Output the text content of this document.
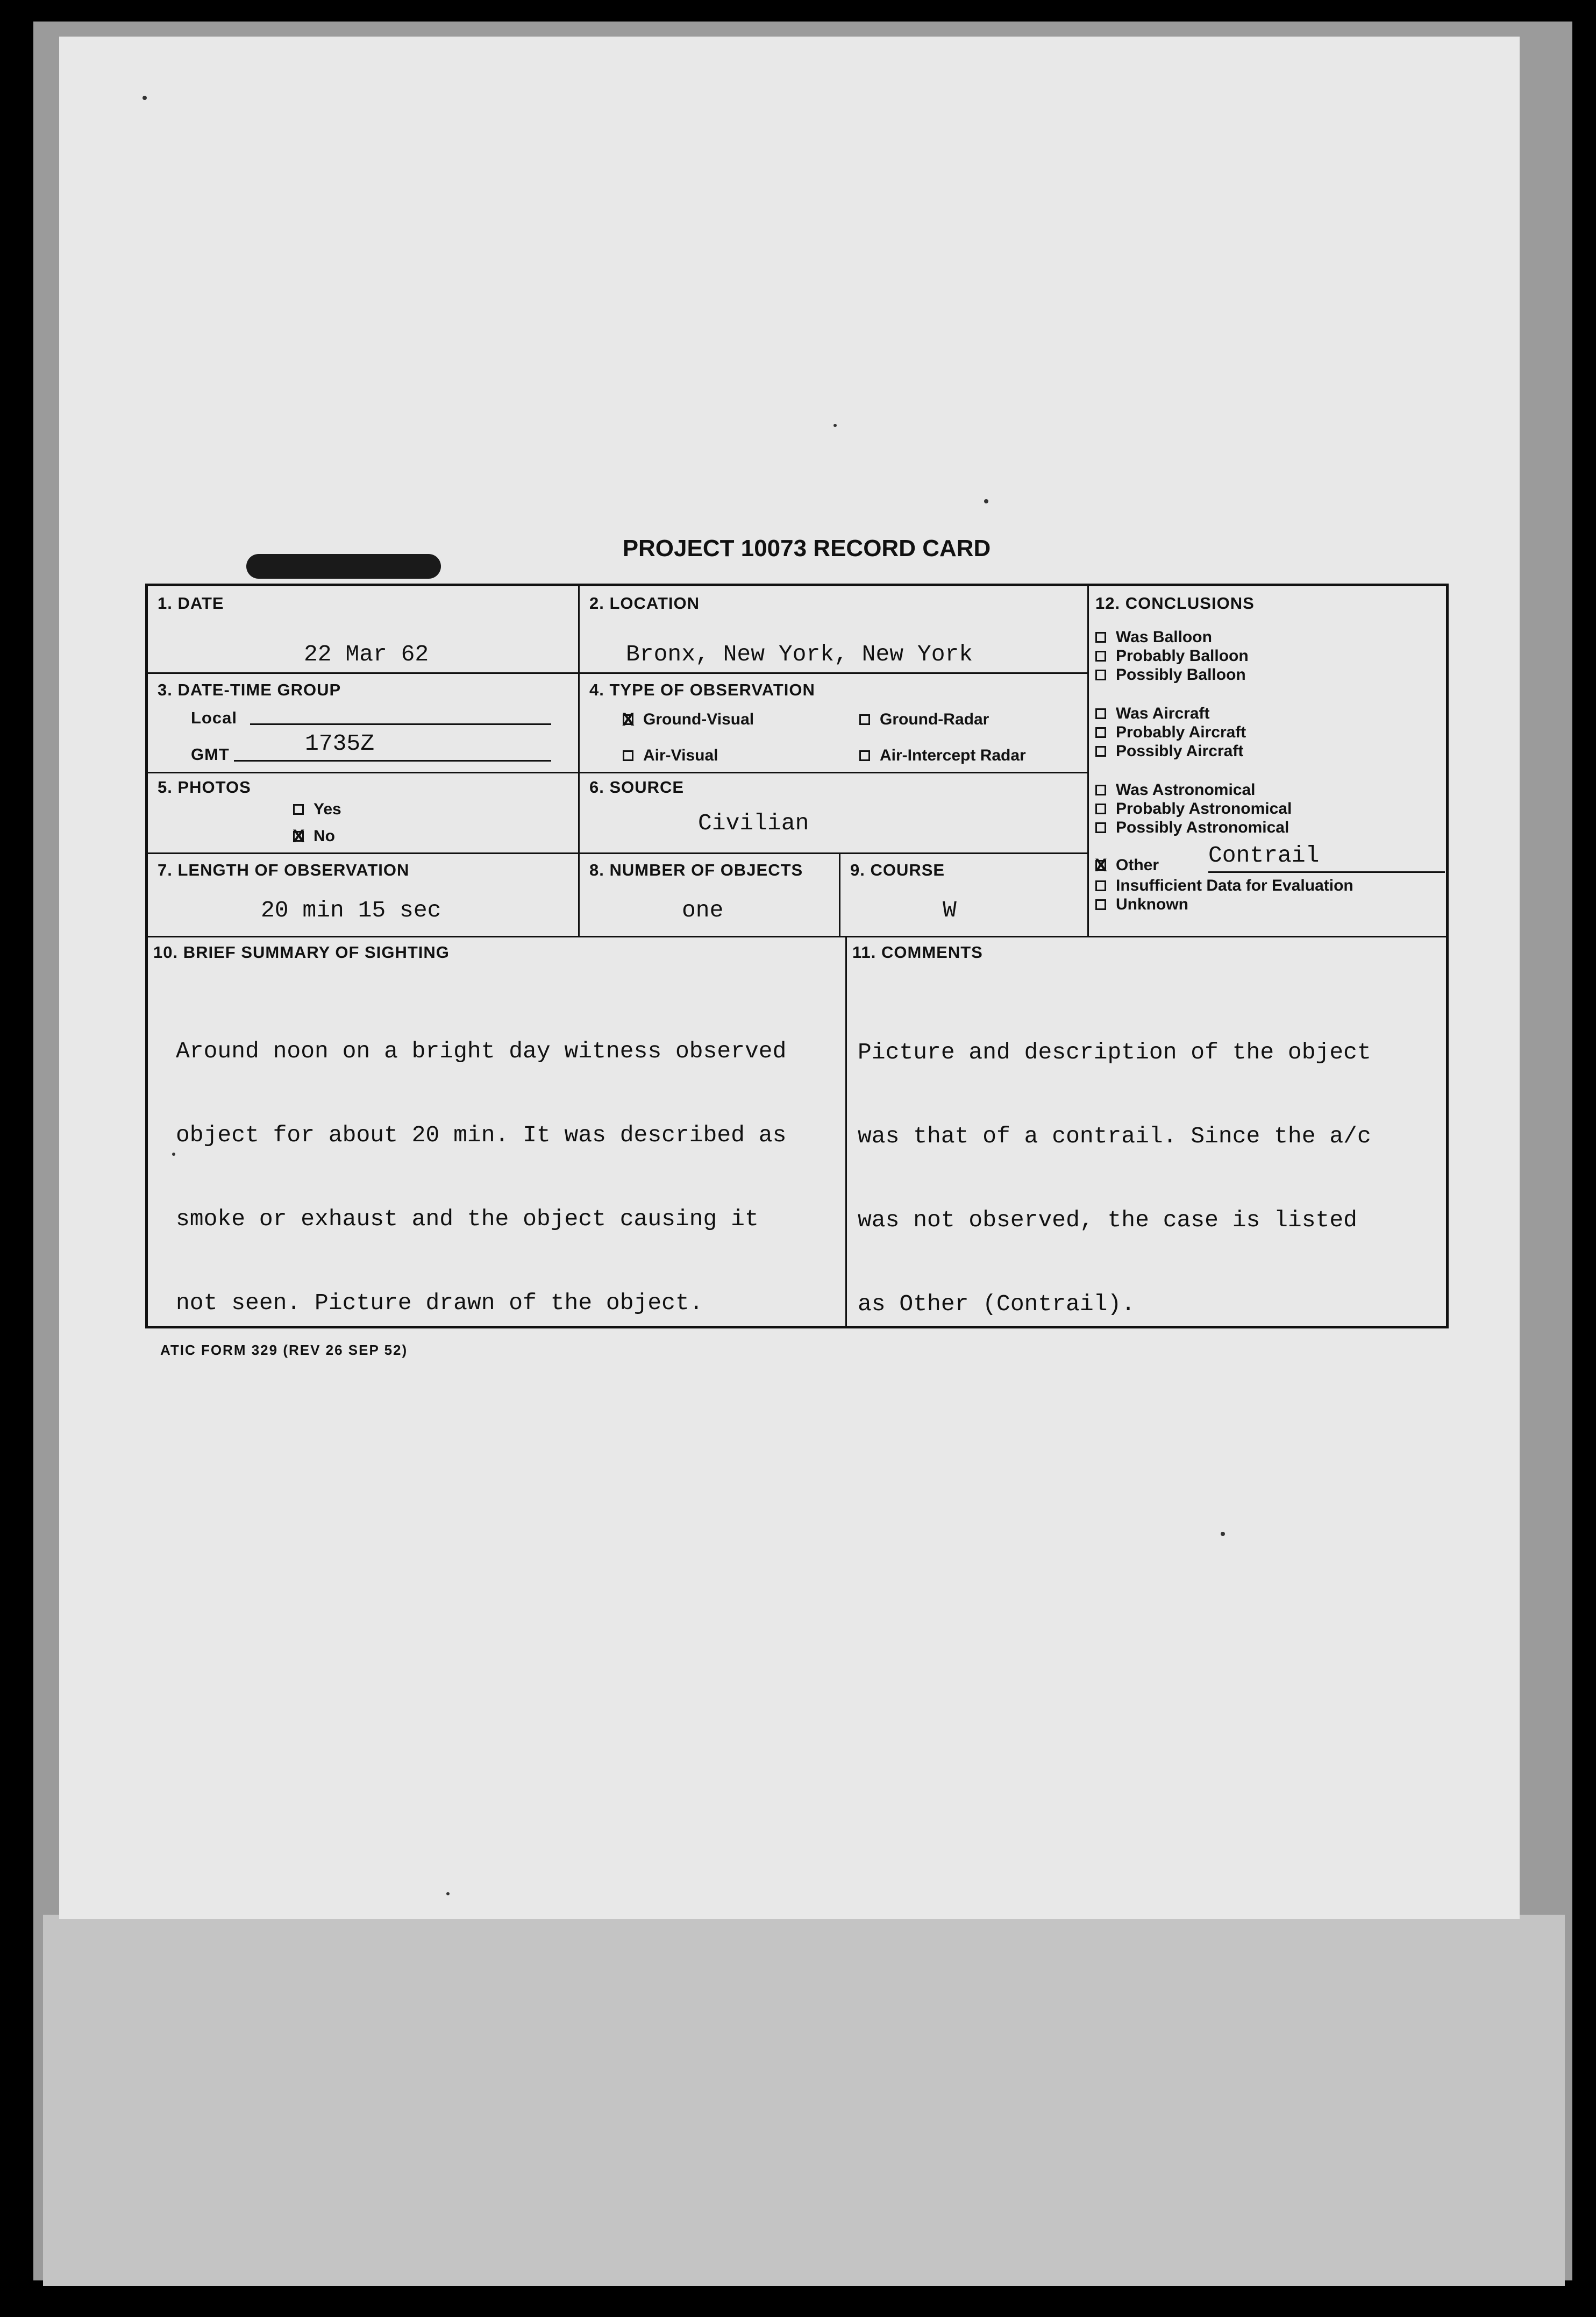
PROJECT 10073 RECORD CARD
1. DATE
22 Mar 62
2. LOCATION
Bronx, New York, New York
3. DATE-TIME GROUP
Local
GMT	1735Z
4. TYPE OF OBSERVATION
X
Ground-Visual	Ground-Radar
Air-Visual	Air-Intercept Radar
5. PHOTOS
Yes
X
No
6. SOURCE
Civilian
7. LENGTH OF OBSERVATION
20 min 15 sec
8. NUMBER OF OBJECTS
one
9. COURSE
W
12. CONCLUSIONS
Was Balloon
Probably Balloon
Possibly Balloon
Was Aircraft
Probably Aircraft
Possibly Aircraft
Was Astronomical
Probably Astronomical
Possibly Astronomical
X
Other Contrail
Insufficient Data for Evaluation
Unknown
10. BRIEF SUMMARY OF SIGHTING

Around noon on a bright day witness observed

object for about 20 min. It was described as

smoke or exhaust and the object causing it

not seen. Picture drawn of the object.

11. COMMENTS

Picture and description of the object

was that of a contrail. Since the a/c

was not observed, the case is listed

as Other (Contrail).

ATIC FORM 329 (REV 26 SEP 52)
